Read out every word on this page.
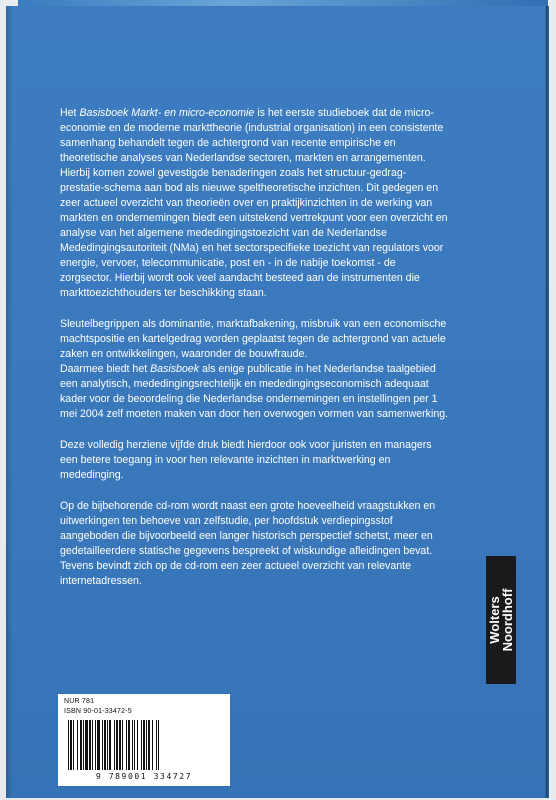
Het Basisboek Markt- en micro-economie is het eerste studieboek dat de micro-economie en de moderne markttheorie (industrial organisation) in een consistente samenhang behandelt tegen de achtergrond van recente empirische en theoretische analyses van Nederlandse sectoren, markten en arrangementen. Hierbij komen zowel gevestigde benaderingen zoals het structuur-gedrag-prestatie-schema aan bod als nieuwe speltheoretische inzichten. Dit gedegen en zeer actueel overzicht van theorieën over en praktijkinzichten in de werking van markten en ondernemingen biedt een uitstekend vertrekpunt voor een overzicht en analyse van het algemene mededingingstoezicht van de Nederlandse Mededingingsautoriteit (NMa) en het sectorspecifieke toezicht van regulators voor energie, vervoer, telecommunicatie, post en - in de nabije toekomst - de zorgsector. Hierbij wordt ook veel aandacht besteed aan de instrumenten die markttoezichthouders ter beschikking staan.

Sleutelbegrippen als dominantie, marktafbakening, misbruik van een economische machtspositie en kartelgedrag worden geplaatst tegen de achtergrond van actuele zaken en ontwikkelingen, waaronder de bouwfraude.
Daarmee biedt het Basisboek als enige publicatie in het Nederlandse taalgebied een analytisch, mededingingsrechtelijk en mededingingseconomisch adequaat kader voor de beoordeling die Nederlandse ondernemingen en instellingen per 1 mei 2004 zelf moeten maken van door hen overwogen vormen van samenwerking.

Deze volledig herziene vijfde druk biedt hierdoor ook voor juristen en managers een betere toegang in voor hen relevante inzichten in marktwerking en mededinging.

Op de bijbehorende cd-rom wordt naast een grote hoeveelheid vraagstukken en uitwerkingen ten behoeve van zelfstudie, per hoofdstuk verdiepingsstof aangeboden die bijvoorbeeld een langer historisch perspectief schetst, meer en gedetailleerdere statische gegevens bespreekt of wiskundige afleidingen bevat. Tevens bevindt zich op de cd-rom een zeer actueel overzicht van relevante internetadressen.

Wolters
Noordhoff
NUR 781
ISBN 90-01-33472-5
9 789001 334727
